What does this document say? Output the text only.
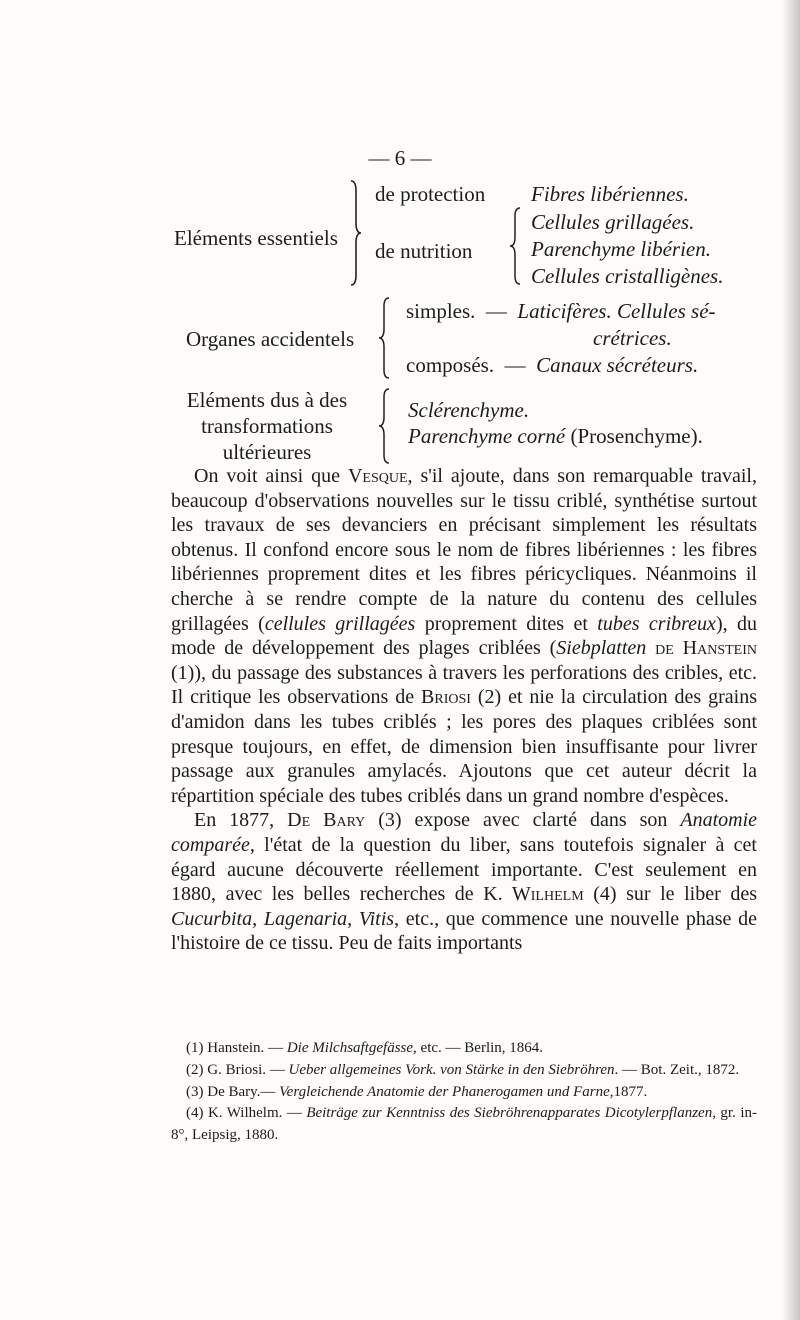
— 6 —
Eléments essentiels
de protection Fibres libériennes.
de nutrition
Cellules grillagées.
Parenchyme libérien.
Cellules cristalligènes.
Organes accidentels
simples. — Laticifères. Cellules sé-
crétrices.
composés. — Canaux sécréteurs.
Eléments dus à des
transformations
ultérieures
Sclérenchyme.
Parenchyme corné (Prosenchyme).

On voit ainsi que Vesque, s'il ajoute, dans son remarquable travail, beaucoup d'observations nouvelles sur le tissu criblé, synthétise surtout les travaux de ses devanciers en précisant simplement les résultats obtenus. Il confond encore sous le nom de fibres libériennes : les fibres libériennes proprement dites et les fibres péricycliques. Néanmoins il cherche à se rendre compte de la nature du contenu des cellules grillagées (cellules grillagées proprement dites et tubes cribreux), du mode de développement des plages criblées (Siebplatten de Hanstein (1)), du passage des substances à travers les perforations des cribles, etc. Il critique les observations de Briosi (2) et nie la circulation des grains d'amidon dans les tubes criblés ; les pores des plaques criblées sont presque toujours, en effet, de dimension bien insuffisante pour livrer passage aux granules amylacés. Ajoutons que cet auteur décrit la répartition spéciale des tubes criblés dans un grand nombre d'espèces.

En 1877, De Bary (3) expose avec clarté dans son Anatomie comparée, l'état de la question du liber, sans toutefois signaler à cet égard aucune découverte réellement importante. C'est seulement en 1880, avec les belles recherches de K. Wilhelm (4) sur le liber des Cucurbita, Lagenaria, Vitis, etc., que commence une nouvelle phase de l'histoire de ce tissu. Peu de faits importants

(1) Hanstein. — Die Milchsaftgefässe, etc. — Berlin, 1864.

(2) G. Briosi. — Ueber allgemeines Vork. von Stärke in den Siebröhren. — Bot. Zeit., 1872.

(3) De Bary.— Vergleichende Anatomie der Phanerogamen und Farne,1877.

(4) K. Wilhelm. — Beiträge zur Kenntniss des Siebröhrenapparates Dicotylerpflanzen, gr. in-8°, Leipsig, 1880.
